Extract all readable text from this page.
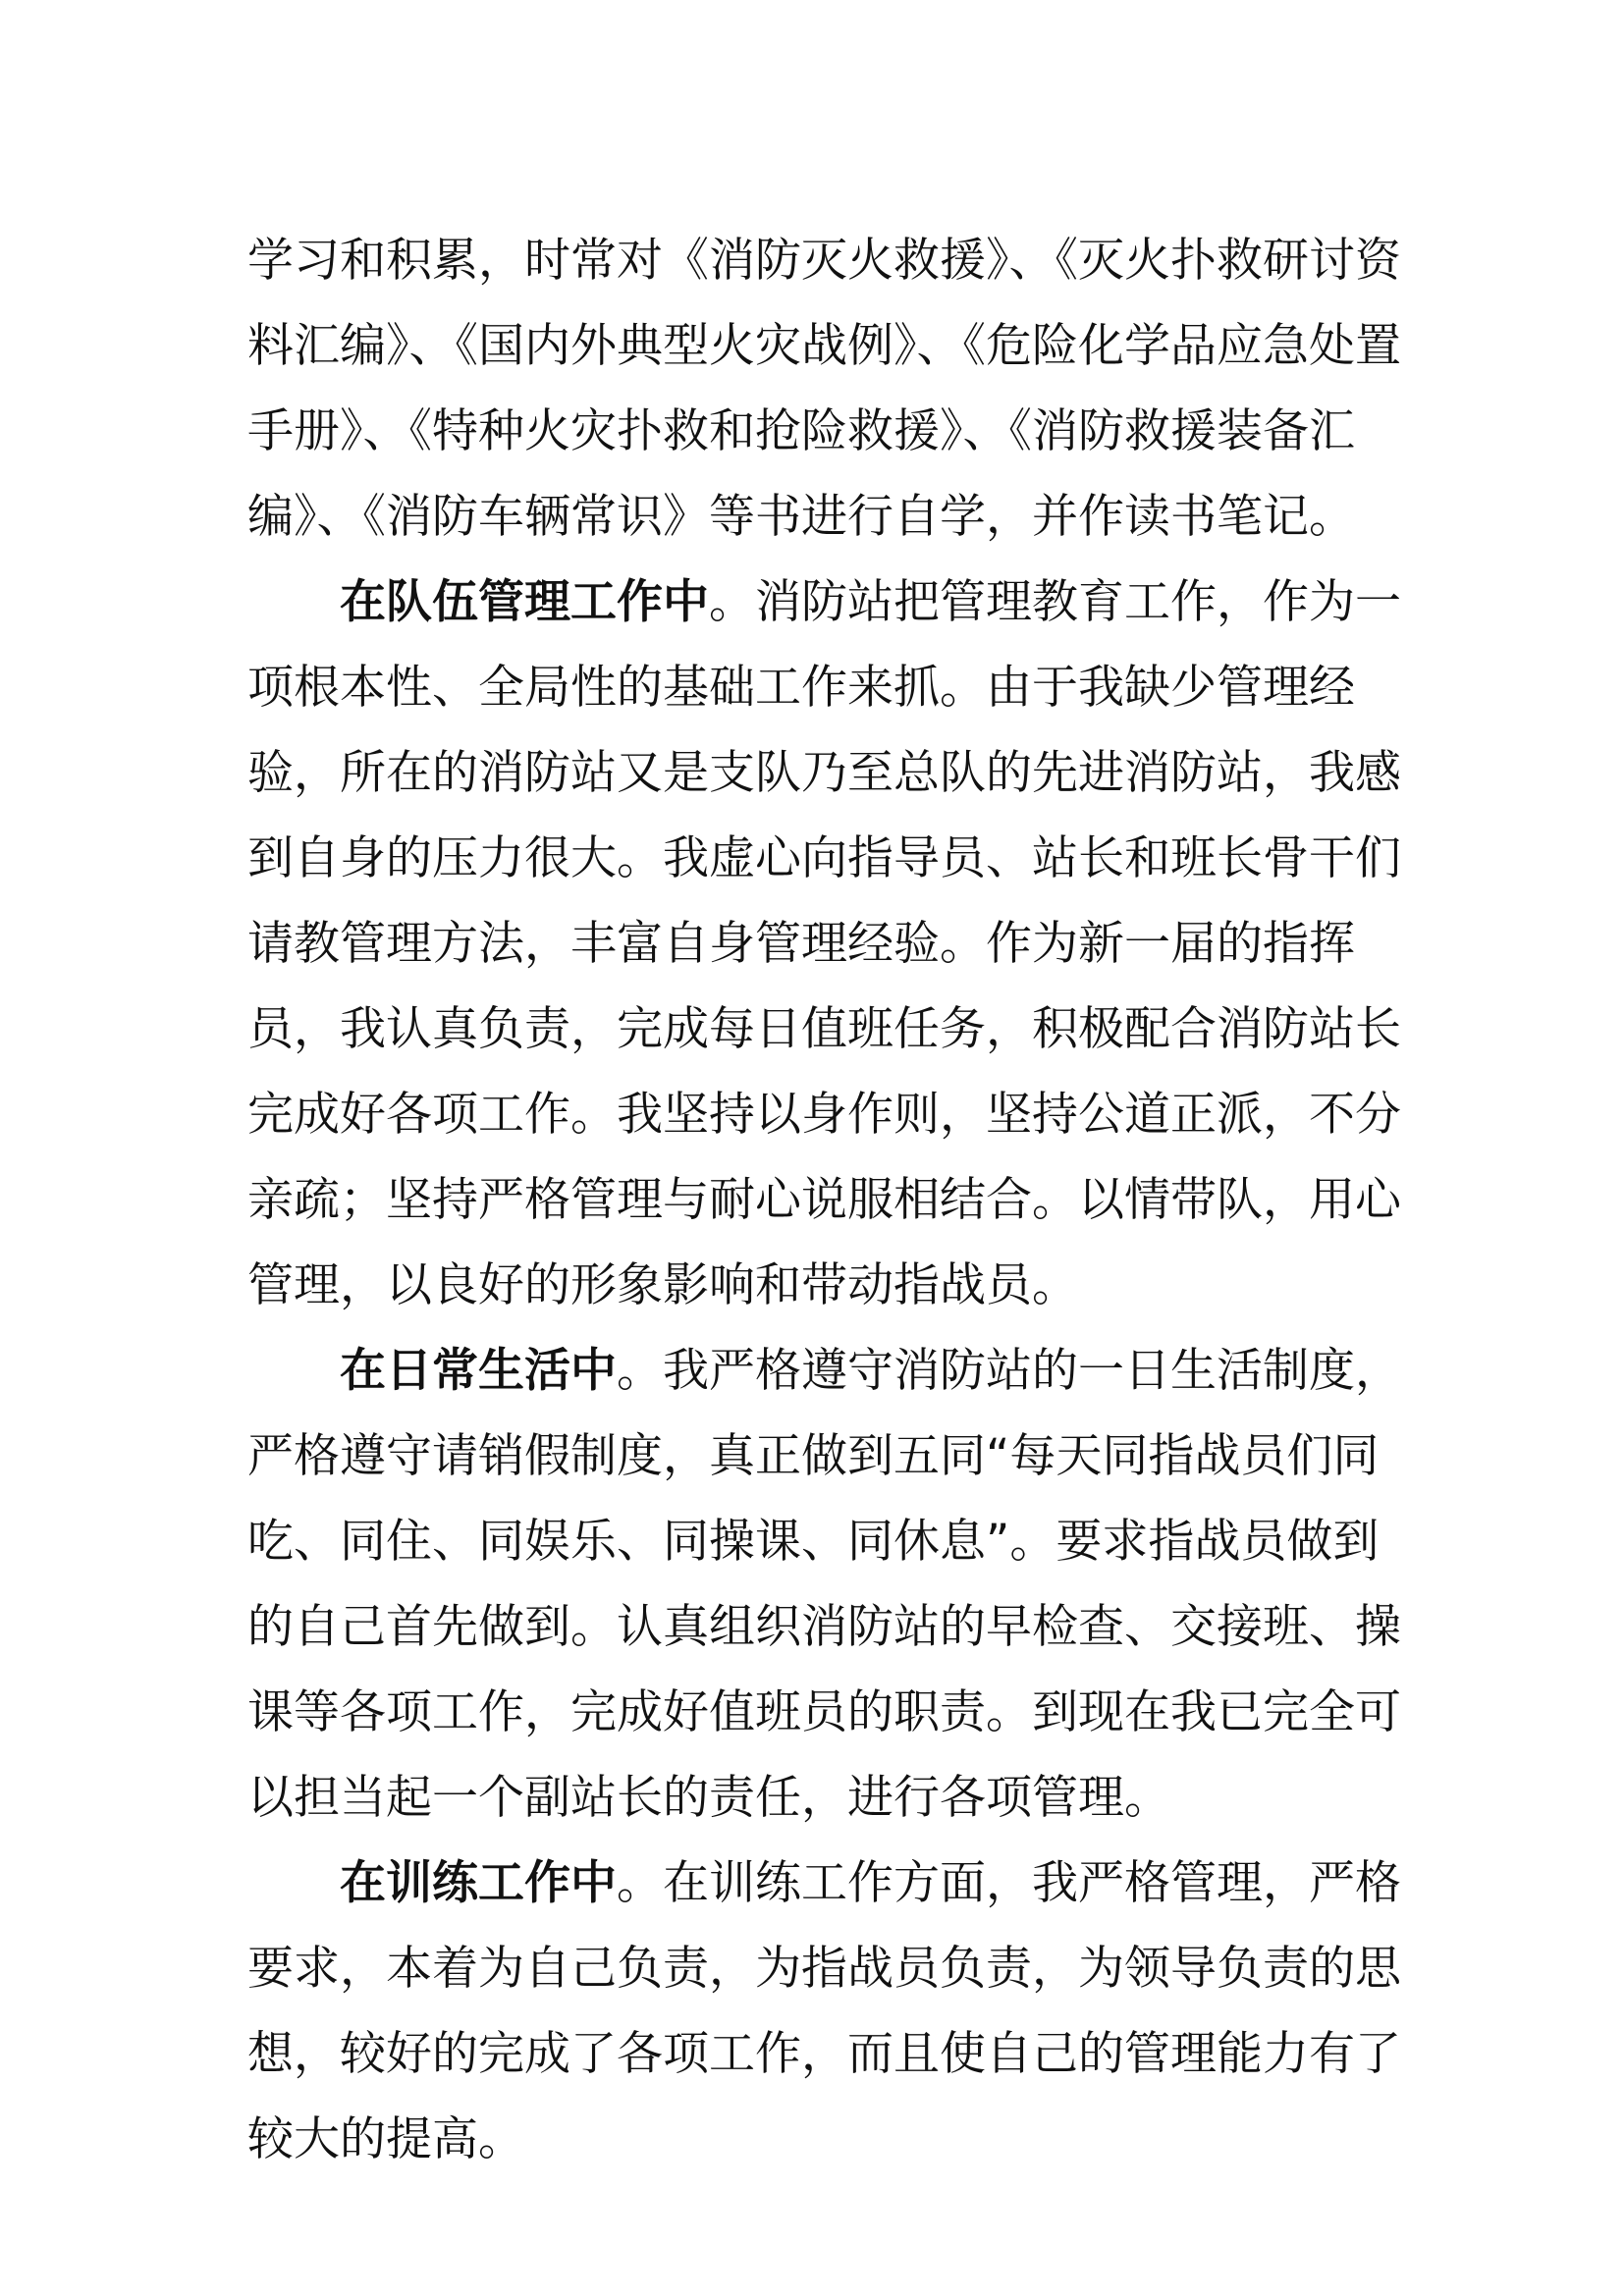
学习和积累，时常对《消防灭火救援》、《灭火扑救研讨资料汇编》、《国内外典型火灾战例》、《危险化学品应急处置手册》、《特种火灾扑救和抢险救援》、《消防救援装备汇编》、《消防车辆常识》等书进行自学，并作读书笔记。

在队伍管理工作中。消防站把管理教育工作，作为一项根本性、全局性的基础工作来抓。由于我缺少管理经验，所在的消防站又是支队乃至总队的先进消防站，我感到自身的压力很大。我虚心向指导员、站长和班长骨干们请教管理方法，丰富自身管理经验。作为新一届的指挥员，我认真负责，完成每日值班任务，积极配合消防站长完成好各项工作。我坚持以身作则，坚持公道正派，不分亲疏；坚持严格管理与耐心说服相结合。以情带队，用心管理，以良好的形象影响和带动指战员。

在日常生活中。我严格遵守消防站的一日生活制度，严格遵守请销假制度，真正做到五同“每天同指战员们同吃、同住、同娱乐、同操课、同休息”。要求指战员做到的自己首先做到。认真组织消防站的早检查、交接班、操课等各项工作，完成好值班员的职责。到现在我已完全可以担当起一个副站长的责任，进行各项管理。

在训练工作中。在训练工作方面，我严格管理，严格要求，本着为自己负责，为指战员负责，为领导负责的思想，较好的完成了各项工作，而且使自己的管理能力有了较大的提高。
